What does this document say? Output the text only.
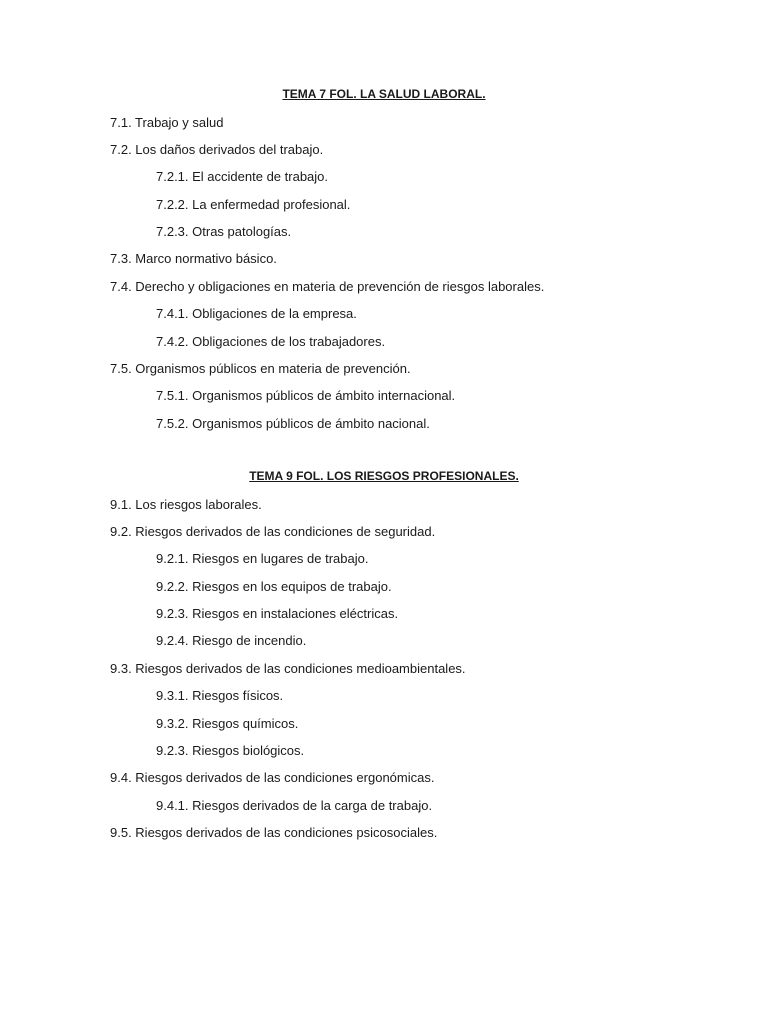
TEMA 7 FOL. LA SALUD LABORAL.
7.1. Trabajo y salud
7.2. Los daños derivados del trabajo.
7.2.1. El accidente de trabajo.
7.2.2. La enfermedad profesional.
7.2.3. Otras patologías.
7.3. Marco normativo básico.
7.4. Derecho y obligaciones en materia de prevención de riesgos laborales.
7.4.1. Obligaciones de la empresa.
7.4.2. Obligaciones de los trabajadores.
7.5. Organismos públicos en materia de prevención.
7.5.1. Organismos públicos de ámbito internacional.
7.5.2. Organismos públicos de ámbito nacional.
TEMA 9 FOL. LOS RIESGOS PROFESIONALES.
9.1. Los riesgos laborales.
9.2. Riesgos derivados de las condiciones de seguridad.
9.2.1. Riesgos en lugares de trabajo.
9.2.2. Riesgos en los equipos de trabajo.
9.2.3. Riesgos en instalaciones eléctricas.
9.2.4. Riesgo de incendio.
9.3. Riesgos derivados de las condiciones medioambientales.
9.3.1. Riesgos físicos.
9.3.2. Riesgos químicos.
9.2.3. Riesgos biológicos.
9.4. Riesgos derivados de las condiciones ergonómicas.
9.4.1. Riesgos derivados de la carga de trabajo.
9.5. Riesgos derivados de las condiciones psicosociales.
